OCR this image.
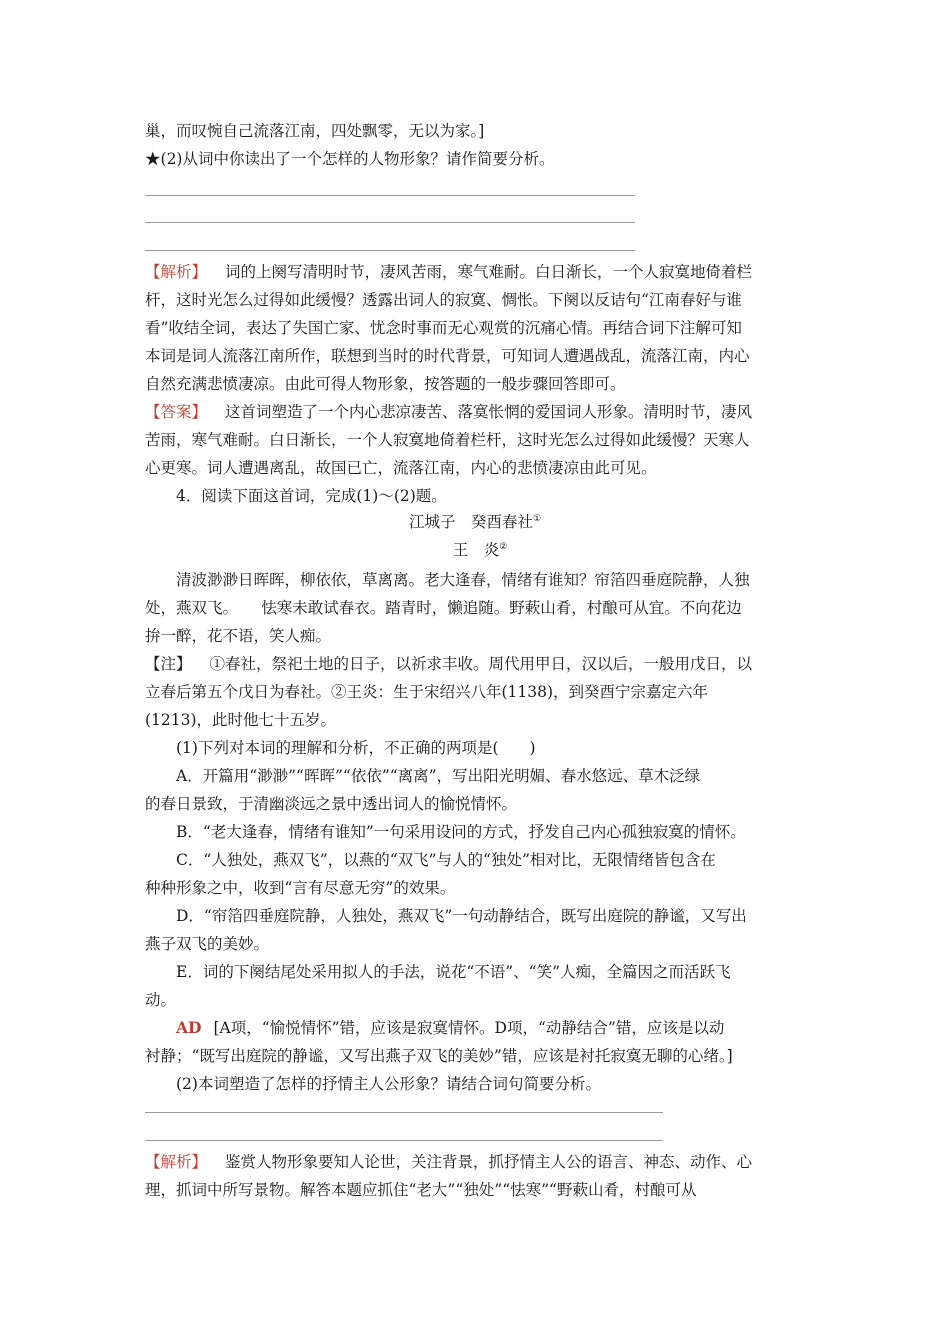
巢，而叹惋自己流落江南，四处飘零，无以为家。]
★(2)从词中你读出了一个怎样的人物形象？请作简要分析。
【解析】 词的上阕写清明时节，凄风苦雨，寒气难耐。白日渐长，一个人寂寞地倚着栏
杆，这时光怎么过得如此缓慢？透露出词人的寂寞、惆怅。下阕以反诘句“江南春好与谁
看”收结全词，表达了失国亡家、忧念时事而无心观赏的沉痛心情。再结合词下注解可知
本词是词人流落江南所作，联想到当时的时代背景，可知词人遭遇战乱，流落江南，内心
自然充满悲愤凄凉。由此可得人物形象，按答题的一般步骤回答即可。
【答案】 这首词塑造了一个内心悲凉凄苦、落寞怅惘的爱国词人形象。清明时节，凄风
苦雨，寒气难耐。白日渐长，一个人寂寞地倚着栏杆，这时光怎么过得如此缓慢？天寒人
心更寒。词人遭遇离乱，故国已亡，流落江南，内心的悲愤凄凉由此可见。
4．阅读下面这首词，完成(1)～(2)题。
江城子　癸酉春社①
王　炎②
清波渺渺日晖晖，柳依依，草离离。老大逢春，情绪有谁知？帘箔四垂庭院静，人独
处，燕双飞。　　怯寒未敢试春衣。踏青时，懒追随。野蔌山肴，村酿可从宜。不向花边
拚一醉，花不语，笑人痴。
【注】 ①春社，祭祀土地的日子，以祈求丰收。周代用甲日，汉以后，一般用戊日，以
立春后第五个戊日为春社。②王炎：生于宋绍兴八年(1138)，到癸酉宁宗嘉定六年
(1213)，此时他七十五岁。
(1)下列对本词的理解和分析，不正确的两项是(　　)
A．开篇用“渺渺”“晖晖”“依依”“离离”，写出阳光明媚、春水悠远、草木泛绿
的春日景致，于清幽淡远之景中透出词人的愉悦情怀。
B．“老大逢春，情绪有谁知”一句采用设问的方式，抒发自己内心孤独寂寞的情怀。
C．“人独处，燕双飞”，以燕的“双飞”与人的“独处”相对比，无限情绪皆包含在
种种形象之中，收到“言有尽意无穷”的效果。
D．“帘箔四垂庭院静，人独处，燕双飞”一句动静结合，既写出庭院的静谧，又写出
燕子双飞的美妙。
E．词的下阕结尾处采用拟人的手法，说花“不语”、“笑”人痴，全篇因之而活跃飞
动。
AD [A项，“愉悦情怀”错，应该是寂寞情怀。D项，“动静结合”错，应该是以动
衬静；“既写出庭院的静谧，又写出燕子双飞的美妙”错，应该是衬托寂寞无聊的心绪。]
(2)本词塑造了怎样的抒情主人公形象？请结合词句简要分析。
【解析】 鉴赏人物形象要知人论世，关注背景，抓抒情主人公的语言、神态、动作、心
理，抓词中所写景物。解答本题应抓住“老大”“独处”“怯寒”“野蔌山肴，村酿可从
